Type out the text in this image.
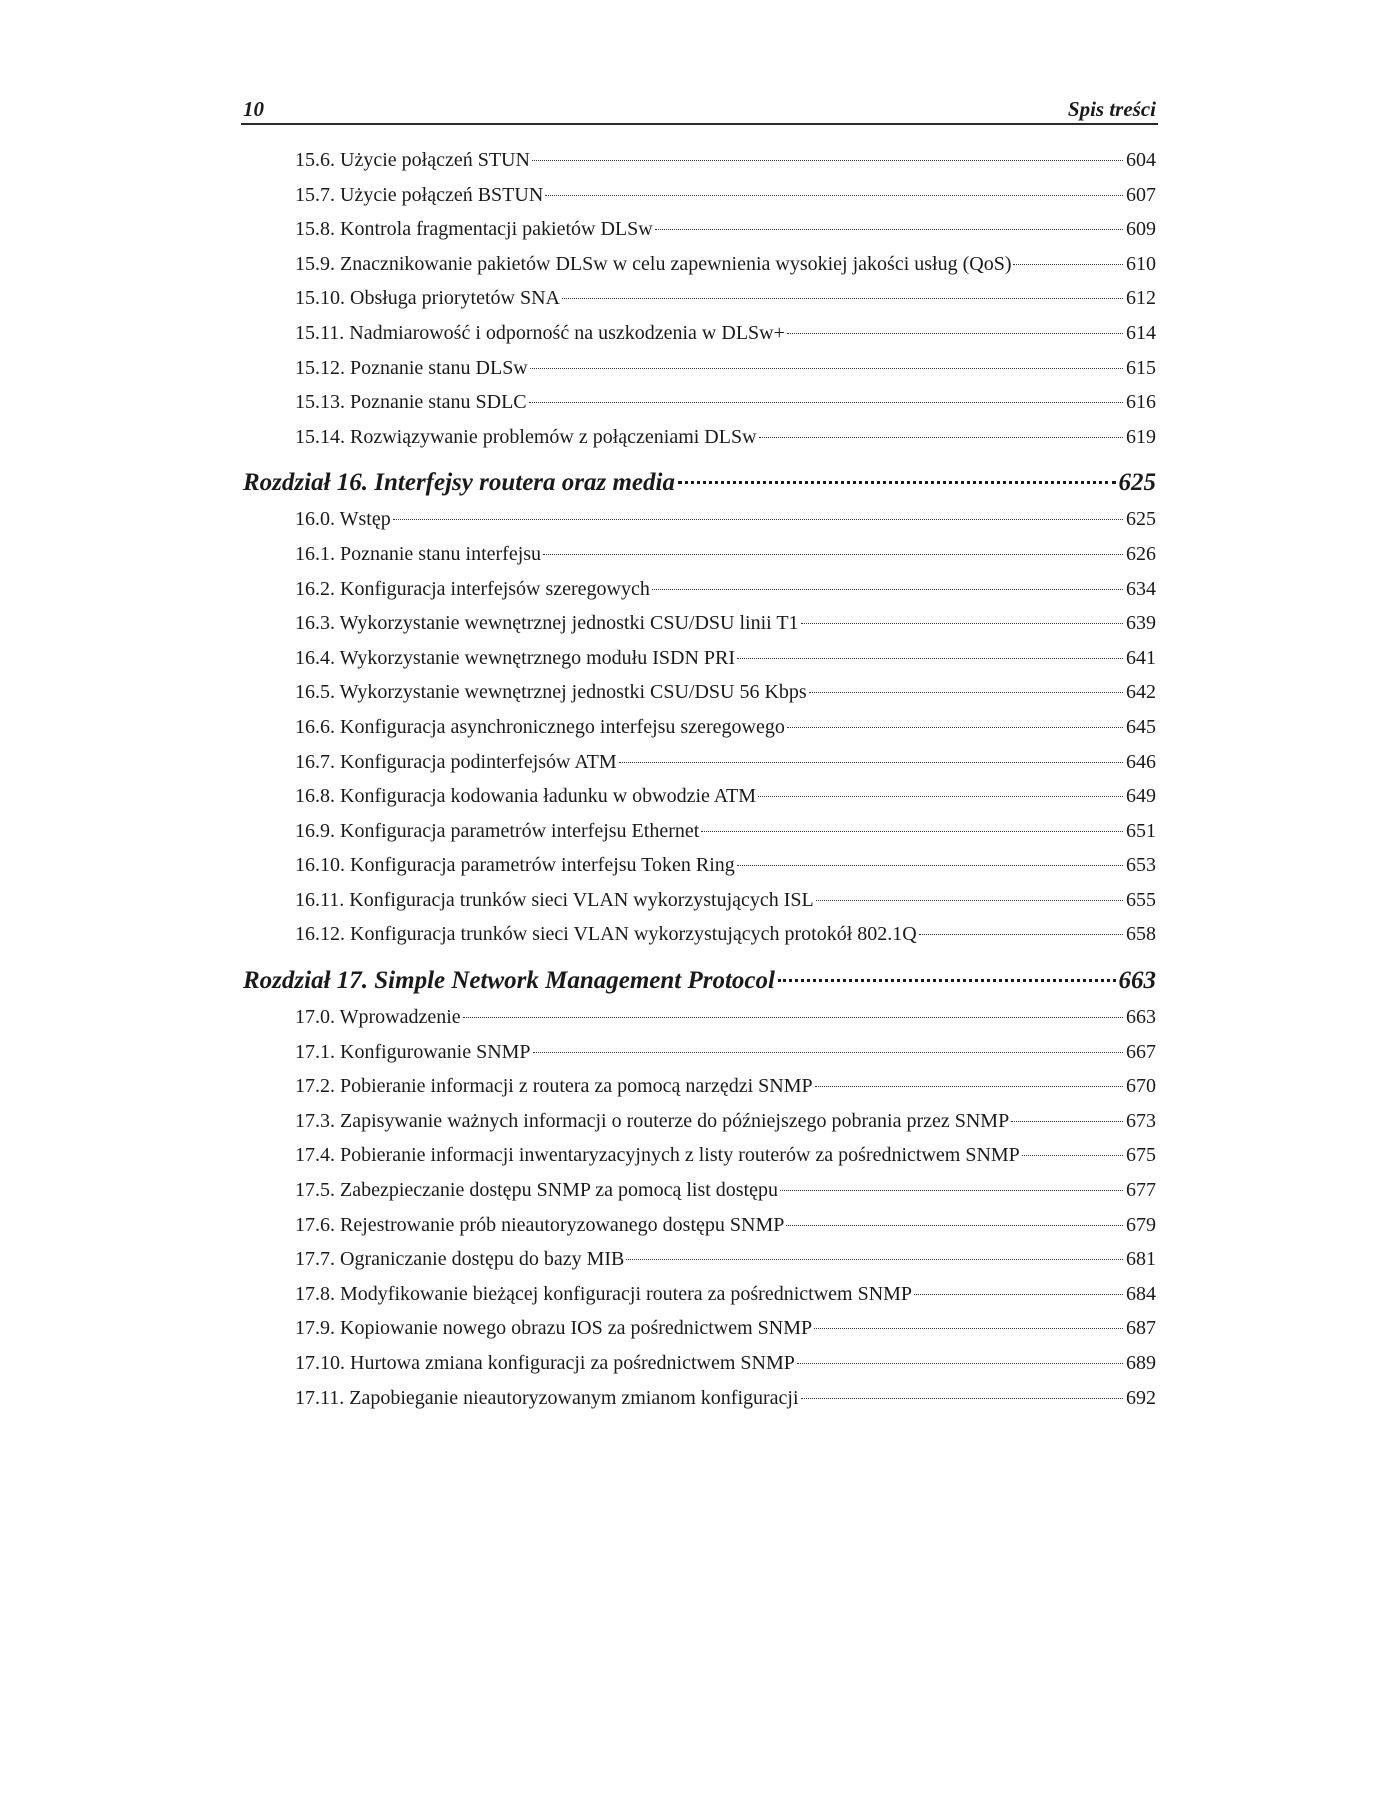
10	Spis treści
15.6. Użycie połączeń STUN	604
15.7. Użycie połączeń BSTUN	607
15.8. Kontrola fragmentacji pakietów DLSw	609
15.9. Znacznikowanie pakietów DLSw w celu zapewnienia wysokiej jakości usług (QoS)	610
15.10. Obsługa priorytetów SNA	612
15.11. Nadmiarowość i odporność na uszkodzenia w DLSw+	614
15.12. Poznanie stanu DLSw	615
15.13. Poznanie stanu SDLC	616
15.14. Rozwiązywanie problemów z połączeniami DLSw	619
Rozdział 16. Interfejsy routera oraz media	625
16.0. Wstęp	625
16.1. Poznanie stanu interfejsu	626
16.2. Konfiguracja interfejsów szeregowych	634
16.3. Wykorzystanie wewnętrznej jednostki CSU/DSU linii T1	639
16.4. Wykorzystanie wewnętrznego modułu ISDN PRI	641
16.5. Wykorzystanie wewnętrznej jednostki CSU/DSU 56 Kbps	642
16.6. Konfiguracja asynchronicznego interfejsu szeregowego	645
16.7. Konfiguracja podinterfejsów ATM	646
16.8. Konfiguracja kodowania ładunku w obwodzie ATM	649
16.9. Konfiguracja parametrów interfejsu Ethernet	651
16.10. Konfiguracja parametrów interfejsu Token Ring	653
16.11. Konfiguracja trunków sieci VLAN wykorzystujących ISL	655
16.12. Konfiguracja trunków sieci VLAN wykorzystujących protokół 802.1Q	658
Rozdział 17. Simple Network Management Protocol	663
17.0. Wprowadzenie	663
17.1. Konfigurowanie SNMP	667
17.2. Pobieranie informacji z routera za pomocą narzędzi SNMP	670
17.3. Zapisywanie ważnych informacji o routerze do późniejszego pobrania przez SNMP	673
17.4. Pobieranie informacji inwentaryzacyjnych z listy routerów za pośrednictwem SNMP	675
17.5. Zabezpieczanie dostępu SNMP za pomocą list dostępu	677
17.6. Rejestrowanie prób nieautoryzowanego dostępu SNMP	679
17.7. Ograniczanie dostępu do bazy MIB	681
17.8. Modyfikowanie bieżącej konfiguracji routera za pośrednictwem SNMP	684
17.9. Kopiowanie nowego obrazu IOS za pośrednictwem SNMP	687
17.10. Hurtowa zmiana konfiguracji za pośrednictwem SNMP	689
17.11. Zapobieganie nieautoryzowanym zmianom konfiguracji	692
